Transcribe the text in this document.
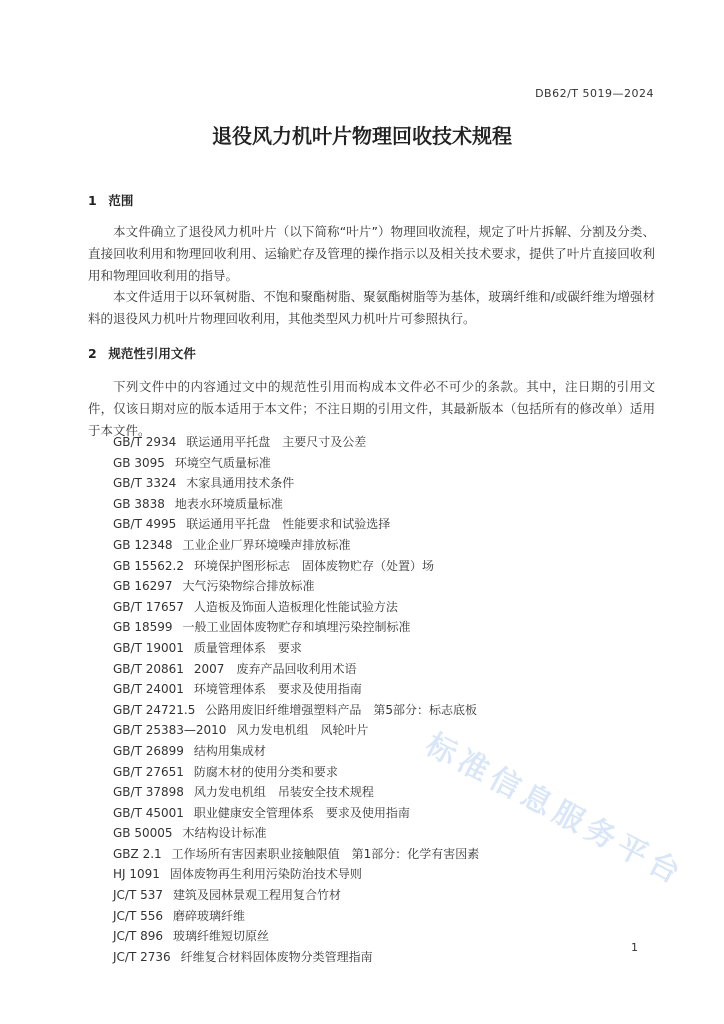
DB62/T 5019—2024
退役风力机叶片物理回收技术规程
1 范围
本文件确立了退役风力机叶片（以下简称“叶片”）物理回收流程，规定了叶片拆解、分割及分类、直接回收利用和物理回收利用、运输贮存及管理的操作指示以及相关技术要求，提供了叶片直接回收利用和物理回收利用的指导。
本文件适用于以环氧树脂、不饱和聚酯树脂、聚氨酯树脂等为基体，玻璃纤维和/或碳纤维为增强材料的退役风力机叶片物理回收利用，其他类型风力机叶片可参照执行。
2 规范性引用文件
下列文件中的内容通过文中的规范性引用而构成本文件必不可少的条款。其中，注日期的引用文件，仅该日期对应的版本适用于本文件；不注日期的引用文件，其最新版本（包括所有的修改单）适用于本文件。
GB/T 2934 联运通用平托盘　主要尺寸及公差
GB 3095 环境空气质量标准
GB/T 3324 木家具通用技术条件
GB 3838 地表水环境质量标准
GB/T 4995 联运通用平托盘　性能要求和试验选择
GB 12348 工业企业厂界环境噪声排放标准
GB 15562.2 环境保护图形标志　固体废物贮存（处置）场
GB 16297 大气污染物综合排放标准
GB/T 17657 人造板及饰面人造板理化性能试验方法
GB 18599 一般工业固体废物贮存和填埋污染控制标准
GB/T 19001 质量管理体系　要求
GB/T 20861 2007　废弃产品回收利用术语
GB/T 24001 环境管理体系　要求及使用指南
GB/T 24721.5 公路用废旧纤维增强塑料产品　第5部分：标志底板
GB/T 25383—2010 风力发电机组　风轮叶片
GB/T 26899 结构用集成材
GB/T 27651 防腐木材的使用分类和要求
GB/T 37898 风力发电机组　吊装安全技术规程
GB/T 45001 职业健康安全管理体系　要求及使用指南
GB 50005 木结构设计标准
GBZ 2.1 工作场所有害因素职业接触限值　第1部分：化学有害因素
HJ 1091 固体废物再生利用污染防治技术导则
JC/T 537 建筑及园林景观工程用复合竹材
JC/T 556 磨碎玻璃纤维
JC/T 896 玻璃纤维短切原丝
JC/T 2736 纤维复合材料固体废物分类管理指南
1
标准信息服务平台
